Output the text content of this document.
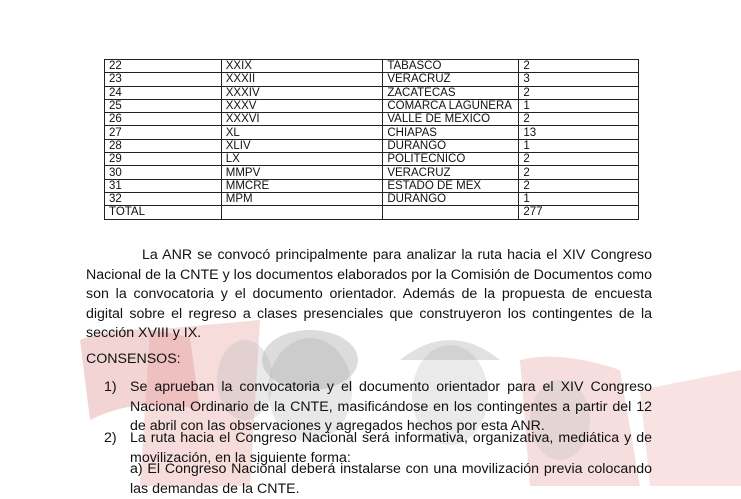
22	XXIX	TABASCO	2
23	XXXII	VERACRUZ	3
24	XXXIV	ZACATECAS	2
25	XXXV	COMARCA LAGUNERA	1
26	XXXVI	VALLE DE MEXICO	2
27	XL	CHIAPAS	13
28	XLIV	DURANGO	1
29	LX	POLITECNICO	2
30	MMPV	VERACRUZ	2
31	MMCRE	ESTADO DE MEX	2
32	MPM	DURANGO	1
TOTAL			277

La ANR se convocó principalmente para analizar la ruta hacia el XIV Congreso Nacional de la CNTE y los documentos elaborados por la Comisión de Documentos como son la convocatoria y el documento orientador. Además de la propuesta de encuesta digital sobre el regreso a clases presenciales que construyeron los contingentes de la sección XVIII y IX.

CONSENSOS:

1) Se aprueban la convocatoria y el documento orientador para el XIV Congreso Nacional Ordinario de la CNTE, masificándose en los contingentes a partir del 12 de abril con las observaciones y agregados hechos por esta ANR.
2) La ruta hacia el Congreso Nacional será informativa, organizativa, mediática y de movilización, en la siguiente forma:

a) El Congreso Nacional deberá instalarse con una movilización previa colocando las demandas de la CNTE.
